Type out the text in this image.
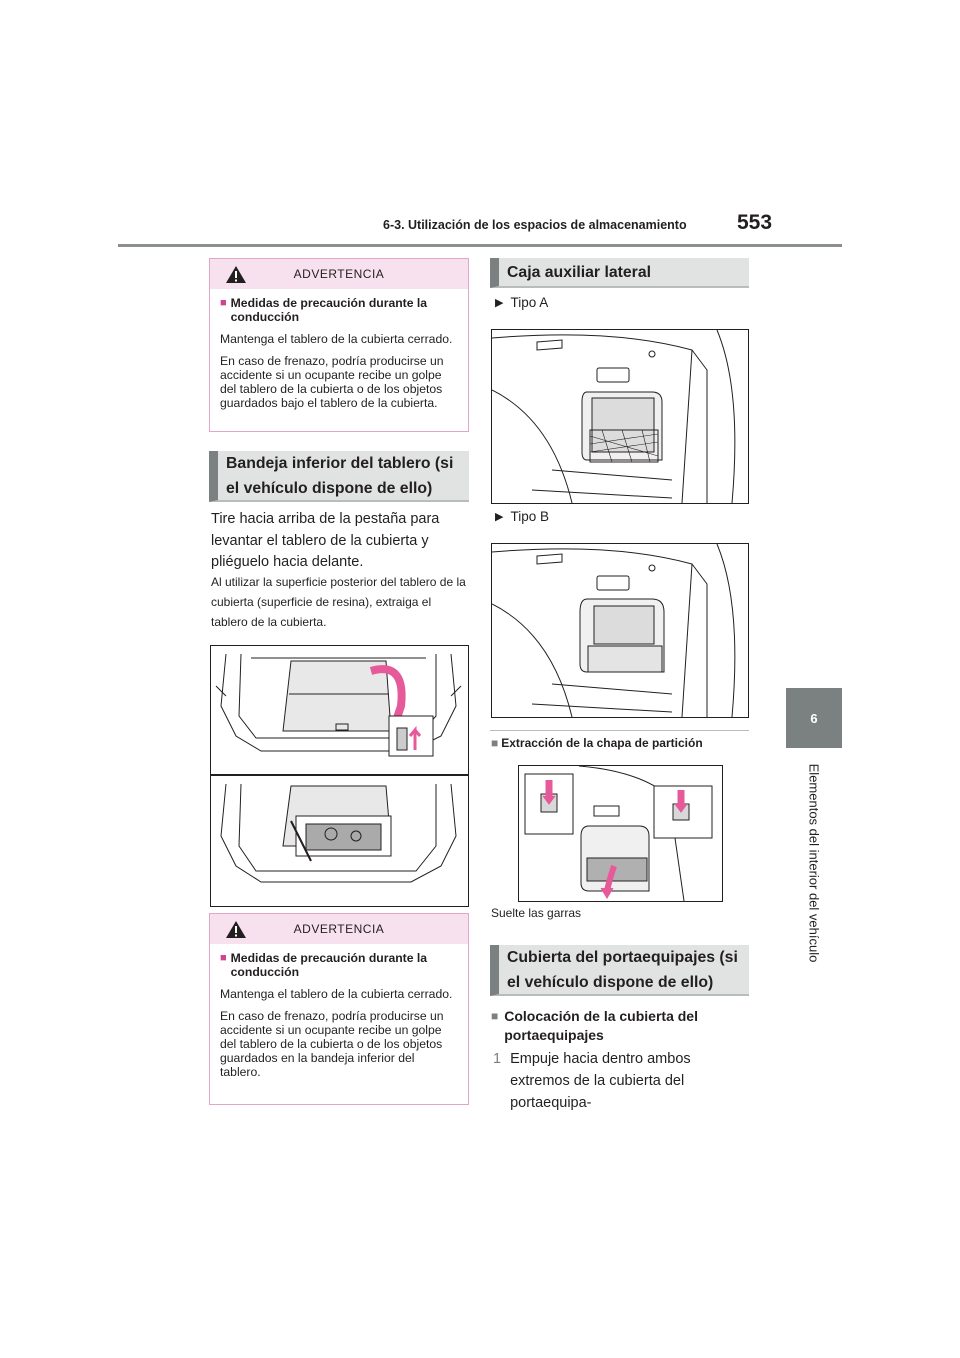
6-3. Utilización de los espacios de almacenamiento 553
6
Elementos del interior del vehículo
ADVERTENCIA
■ Medidas de precaución durante la conducción

Mantenga el tablero de la cubierta cerrado.

En caso de frenazo, podría producirse un accidente si un ocupante recibe un golpe del tablero de la cubierta o de los objetos guardados bajo el tablero de la cubierta.

Bandeja inferior del tablero (si el vehículo dispone de ello)
Tire hacia arriba de la pestaña para levantar el tablero de la cubierta y pliéguelo hacia delante.
Al utilizar la superficie posterior del tablero de la cubierta (superficie de resina), extraiga el tablero de la cubierta.
ADVERTENCIA
■ Medidas de precaución durante la conducción

Mantenga el tablero de la cubierta cerrado.

En caso de frenazo, podría producirse un accidente si un ocupante recibe un golpe del tablero de la cubierta o de los objetos guardados en la bandeja inferior del tablero.

Caja auxiliar lateral
▶ Tipo A
▶ Tipo B
■ Extracción de la chapa de partición
Suelte las garras
Cubierta del portaequipajes (si el vehículo dispone de ello)
■ Colocación de la cubierta del portaequipajes
1 Empuje hacia dentro ambos extremos de la cubierta del portaequipa-
